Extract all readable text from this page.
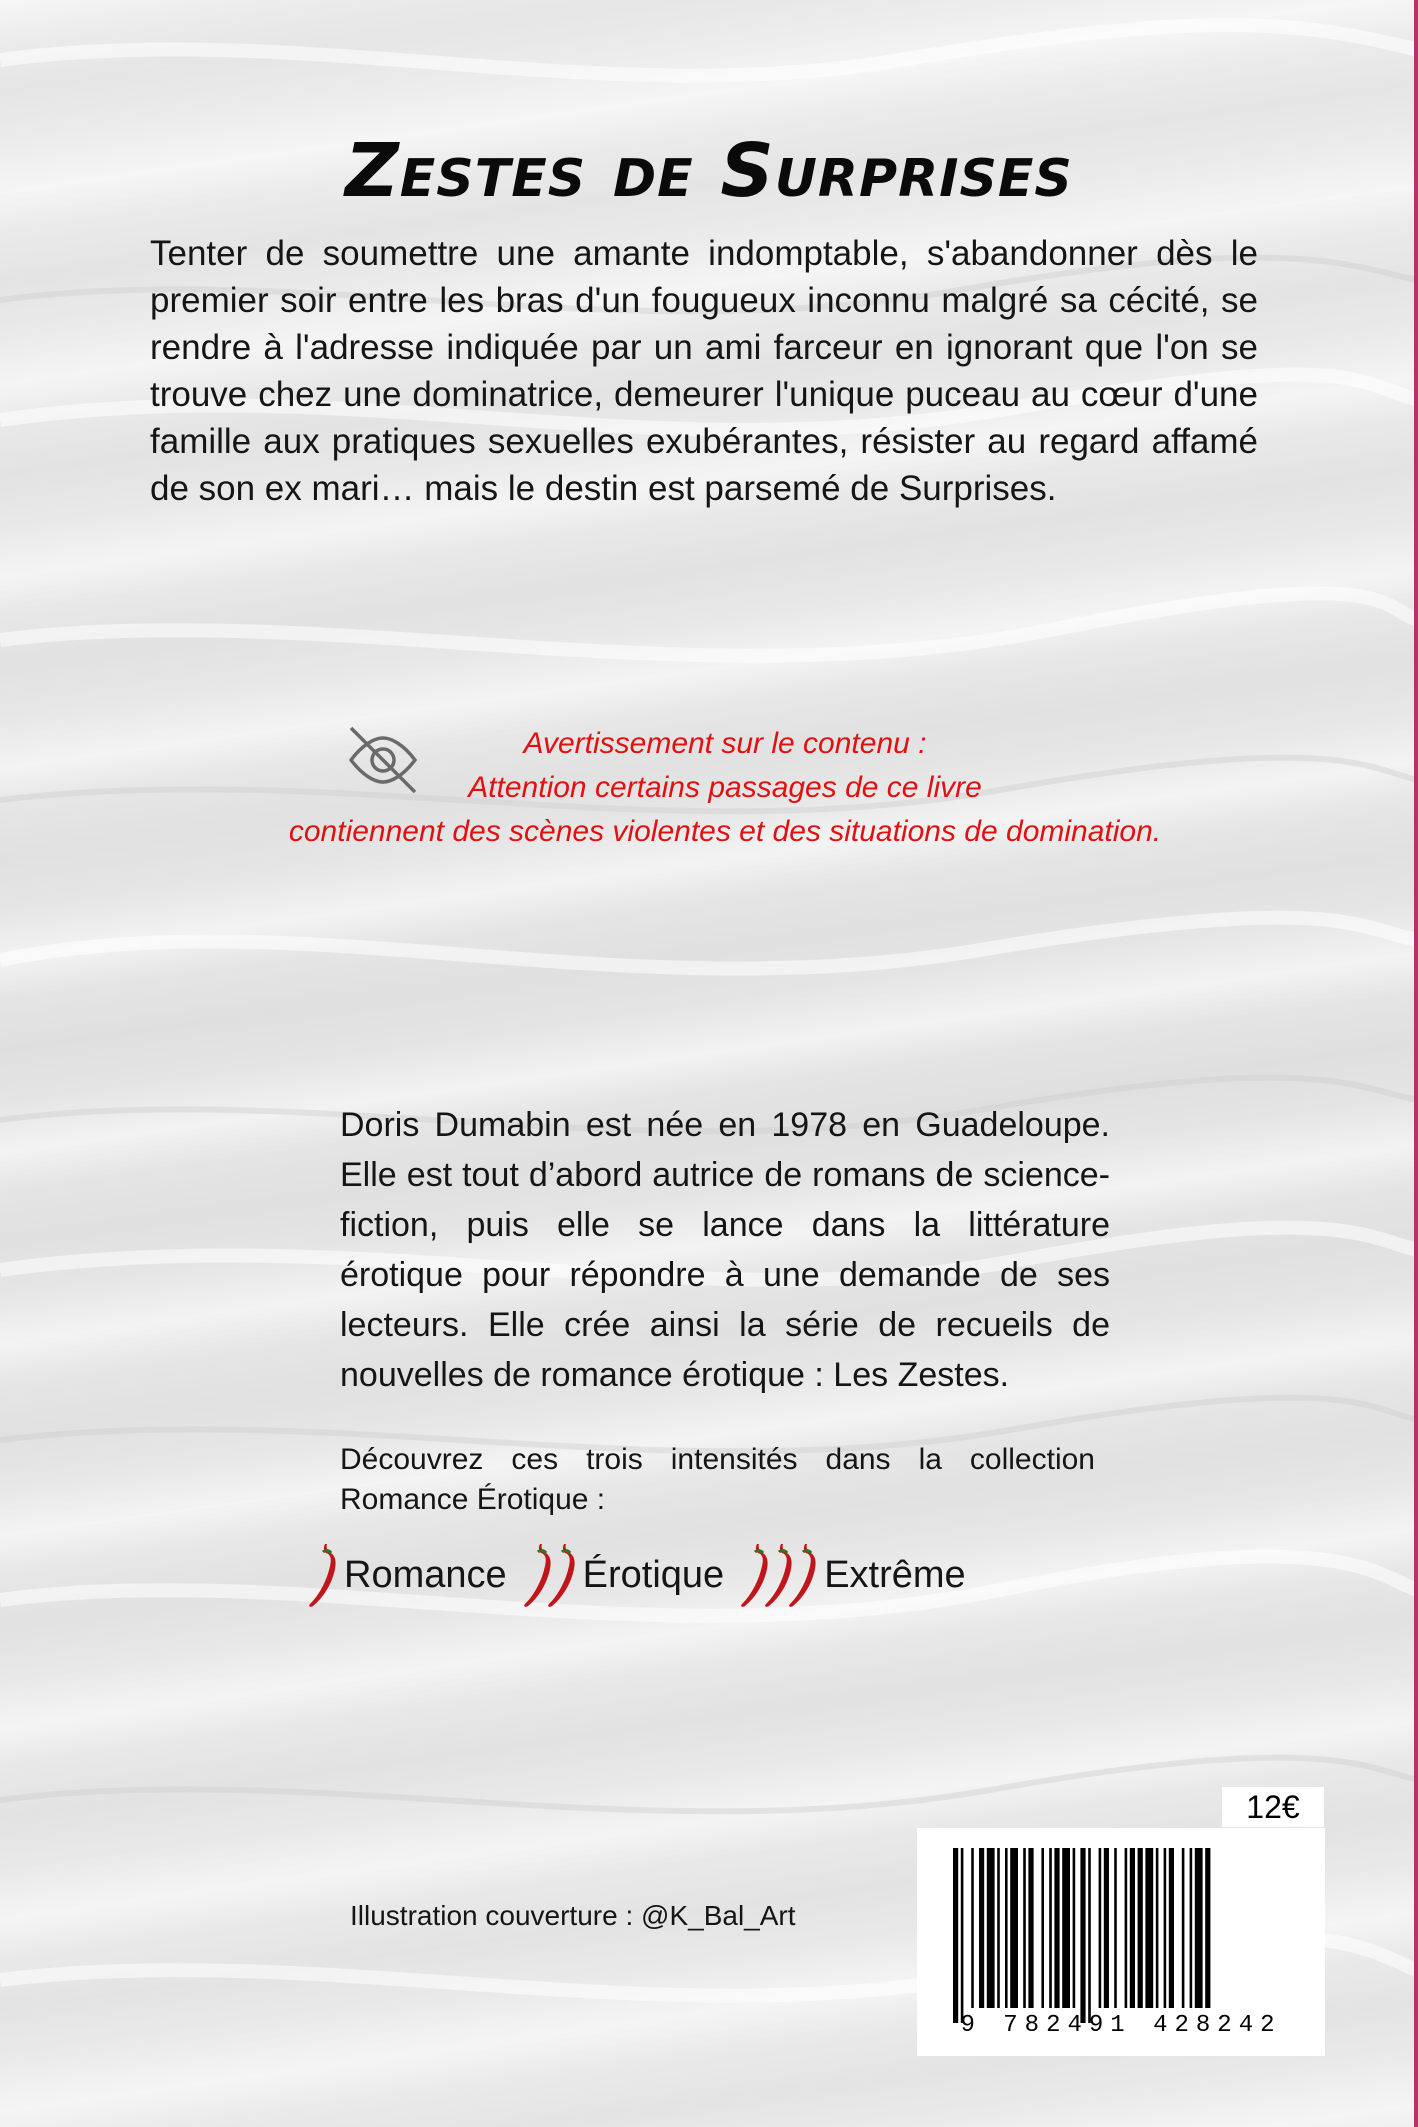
Zestes de Surprises
Tenter de soumettre une amante indomptable, s'abandonner dès le premier soir entre les bras d'un fougueux inconnu malgré sa cécité, se rendre à l'adresse indiquée par un ami farceur en ignorant que l'on se trouve chez une dominatrice, demeurer l'unique puceau au cœur d'une famille aux pratiques sexuelles exubérantes, résister au regard affamé de son ex mari… mais le destin est parsemé de Surprises.
Avertissement sur le contenu :
Attention certains passages de ce livre
contiennent des scènes violentes et des situations de domination.
Doris Dumabin est née en 1978 en Guadeloupe. Elle est tout d’abord autrice de romans de science-fiction, puis elle se lance dans la littérature érotique pour répondre à une demande de ses lecteurs. Elle crée ainsi la série de recueils de nouvelles de romance érotique : Les Zestes.
Découvrez ces trois intensités dans la collection Romance Érotique :
Romance Érotique	Extrême
Illustration couverture : @K_Bal_Art
12€
9 782491 428242
